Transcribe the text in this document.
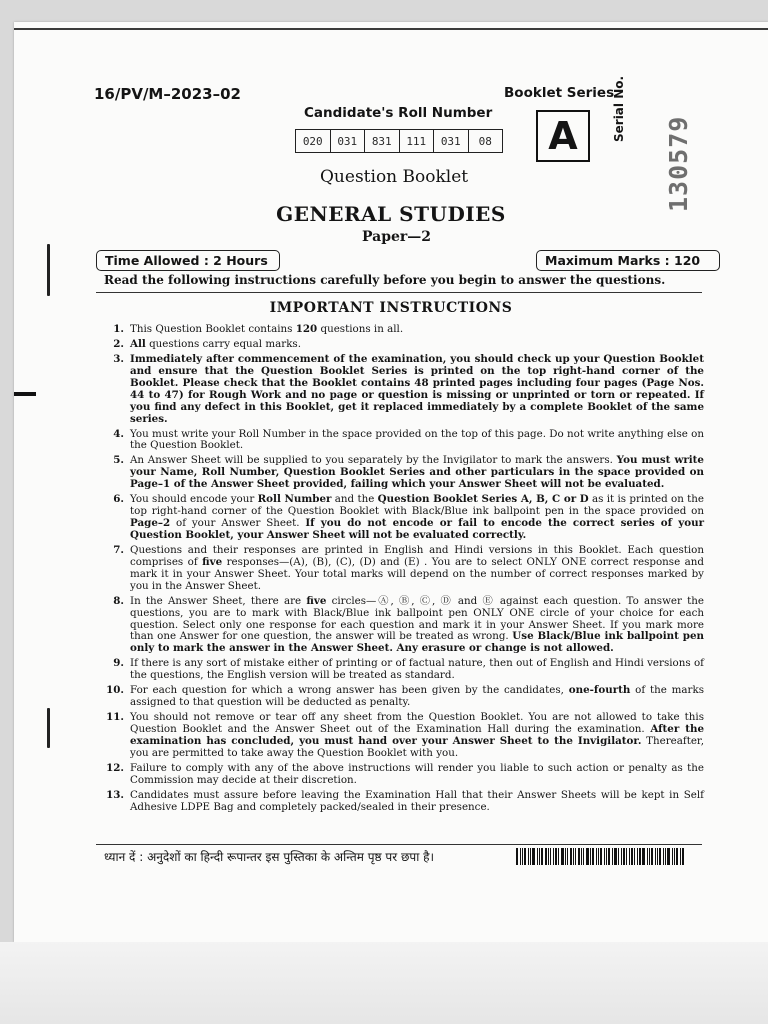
16/PV/M–2023–02
Candidate's Roll Number
020	031	831	111	031	08
Booklet Series
A	Serial No.
130579
Question Booklet
GENERAL STUDIES
Paper—2
Time Allowed : 2 Hours	Maximum Marks : 120
Read the following instructions carefully before you begin to answer the questions.
IMPORTANT INSTRUCTIONS
1. This Question Booklet contains 120 questions in all.
2. All questions carry equal marks.
3. Immediately after commencement of the examination, you should check up your Question Booklet and ensure that the Question Booklet Series is printed on the top right-hand corner of the Booklet. Please check that the Booklet contains 48 printed pages including four pages (Page Nos. 44 to 47) for Rough Work and no page or question is missing or unprinted or torn or repeated. If you find any defect in this Booklet, get it replaced immediately by a complete Booklet of the same series.
4. You must write your Roll Number in the space provided on the top of this page. Do not write anything else on the Question Booklet.
5. An Answer Sheet will be supplied to you separately by the Invigilator to mark the answers. You must write your Name, Roll Number, Question Booklet Series and other particulars in the space provided on Page–1 of the Answer Sheet provided, failing which your Answer Sheet will not be evaluated.
6. You should encode your Roll Number and the Question Booklet Series A, B, C or D as it is printed on the top right-hand corner of the Question Booklet with Black/Blue ink ballpoint pen in the space provided on Page–2 of your Answer Sheet. If you do not encode or fail to encode the correct series of your Question Booklet, your Answer Sheet will not be evaluated correctly.
7. Questions and their responses are printed in English and Hindi versions in this Booklet. Each question comprises of five responses—(A), (B), (C), (D) and (E) . You are to select ONLY ONE correct response and mark it in your Answer Sheet. Your total marks will depend on the number of correct responses marked by you in the Answer Sheet.
8. In the Answer Sheet, there are five circles—Ⓐ, Ⓑ, Ⓒ, Ⓓ and Ⓔ against each question. To answer the questions, you are to mark with Black/Blue ink ballpoint pen ONLY ONE circle of your choice for each question. Select only one response for each question and mark it in your Answer Sheet. If you mark more than one Answer for one question, the answer will be treated as wrong. Use Black/Blue ink ballpoint pen only to mark the answer in the Answer Sheet. Any erasure or change is not allowed.
9. If there is any sort of mistake either of printing or of factual nature, then out of English and Hindi versions of the questions, the English version will be treated as standard.
10. For each question for which a wrong answer has been given by the candidates, one-fourth of the marks assigned to that question will be deducted as penalty.
11. You should not remove or tear off any sheet from the Question Booklet. You are not allowed to take this Question Booklet and the Answer Sheet out of the Examination Hall during the examination. After the examination has concluded, you must hand over your Answer Sheet to the Invigilator. Thereafter, you are permitted to take away the Question Booklet with you.
12. Failure to comply with any of the above instructions will render you liable to such action or penalty as the Commission may decide at their discretion.
13. Candidates must assure before leaving the Examination Hall that their Answer Sheets will be kept in Self Adhesive LDPE Bag and completely packed/sealed in their presence.
ध्यान दें : अनुदेशों का हिन्दी रूपान्तर इस पुस्तिका के अन्तिम पृष्ठ पर छपा है।
